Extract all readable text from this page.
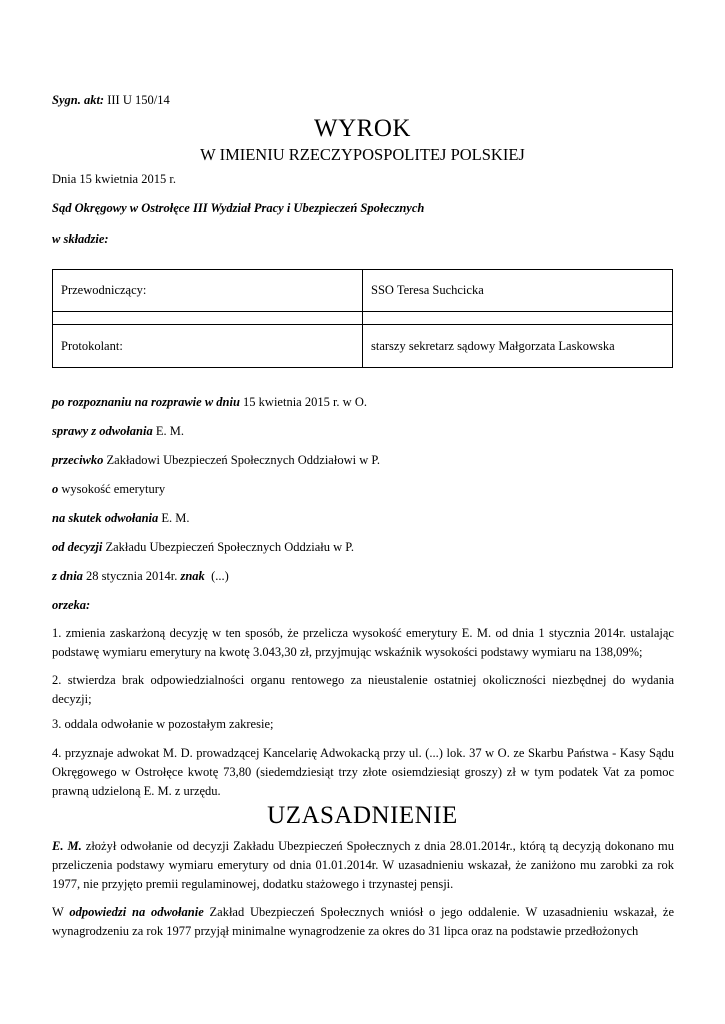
Sygn. akt: III U 150/14
WYROK
W IMIENIU RZECZYPOSPOLITEJ POLSKIEJ
Dnia 15 kwietnia 2015 r.
Sąd Okręgowy w Ostrołęce III Wydział Pracy i Ubezpieczeń Społecznych
w składzie:
Przewodniczący:	SSO Teresa Suchcicka

Protokolant:	starszy sekretarz sądowy Małgorzata Laskowska
po rozpoznaniu na rozprawie w dniu 15 kwietnia 2015 r. w O.
sprawy z odwołania E. M.
przeciwko Zakładowi Ubezpieczeń Społecznych Oddziałowi w P.
o wysokość emerytury
na skutek odwołania E. M.
od decyzji Zakładu Ubezpieczeń Społecznych Oddziału w P.
z dnia 28 stycznia 2014r. znak (...)
orzeka:
1. zmienia zaskarżoną decyzję w ten sposób, że przelicza wysokość emerytury E. M. od dnia 1 stycznia 2014r. ustalając podstawę wymiaru emerytury na kwotę 3.043,30 zł, przyjmując wskaźnik wysokości podstawy wymiaru na 138,09%;
2. stwierdza brak odpowiedzialności organu rentowego za nieustalenie ostatniej okoliczności niezbędnej do wydania decyzji;
3. oddala odwołanie w pozostałym zakresie;
4. przyznaje adwokat M. D. prowadzącej Kancelarię Adwokacką przy ul. (...) lok. 37 w O. ze Skarbu Państwa - Kasy Sądu Okręgowego w Ostrołęce kwotę 73,80 (siedemdziesiąt trzy złote osiemdziesiąt groszy) zł w tym podatek Vat za pomoc prawną udzieloną E. M. z urzędu.
UZASADNIENIE
E. M. złożył odwołanie od decyzji Zakładu Ubezpieczeń Społecznych z dnia 28.01.2014r., którą tą decyzją dokonano mu przeliczenia podstawy wymiaru emerytury od dnia 01.01.2014r. W uzasadnieniu wskazał, że zaniżono mu zarobki za rok 1977, nie przyjęto premii regulaminowej, dodatku stażowego i trzynastej pensji.
W odpowiedzi na odwołanie Zakład Ubezpieczeń Społecznych wniósł o jego oddalenie. W uzasadnieniu wskazał, że wynagrodzeniu za rok 1977 przyjął minimalne wynagrodzenie za okres do 31 lipca oraz na podstawie przedłożonych
